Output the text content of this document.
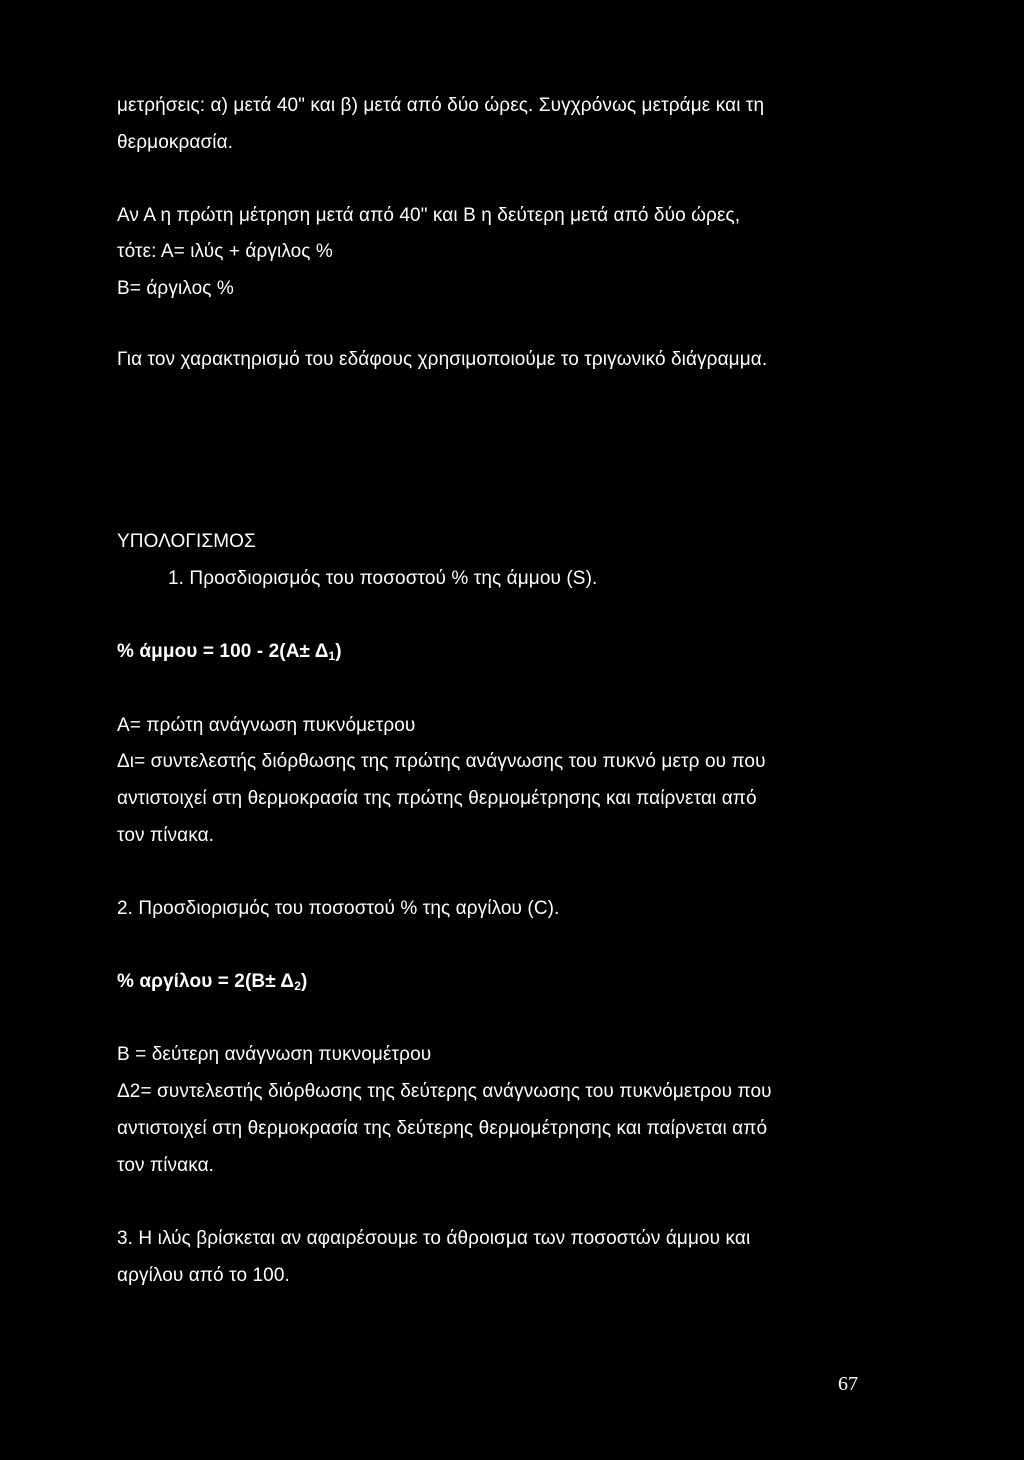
μετρήσεις: α) μετά 40" και β) μετά από δύο ώρες. Συγχρόνως μετράμε και τη
θερμοκρασία.
Αν Α η πρώτη μέτρηση μετά από 40" και Β η δεύτερη μετά από δύο ώρες,
τότε: Α= ιλύς + άργιλος %
Β= άργιλος %
Για τον χαρακτηρισμό του εδάφους χρησιμοποιούμε το τριγωνικό διάγραμμα.
ΥΠΟΛΟΓΙΣΜΟΣ
1. Προσδιορισμός του ποσοστού % της άμμου (S).
% $ά\mu\mu o\upsilon = 100 - 2(A\pm \Delta_1)$
Α= πρώτη ανάγνωση πυκνόμετρου
Δι= συντελεστής διόρθωσης της πρώτης ανάγνωσης του πυκνό μετρ ου που
αντιστοιχεί στη θερμοκρασία της πρώτης θερμομέτρησης και παίρνεται από
τον πίνακα.
2. Προσδιορισμός του ποσοστού % της αργίλου (C).
% $\alpha\rho\gamma ί\lambda o\upsilon = 2(B\pm \Delta_2)$
Β = δεύτερη ανάγνωση πυκνομέτρου
Δ2= συντελεστής διόρθωσης της δεύτερης ανάγνωσης του πυκνόμετρου που
αντιστοιχεί στη θερμοκρασία της δεύτερης θερμομέτρησης και παίρνεται από
τον πίνακα.
3. Η ιλύς βρίσκεται αν αφαιρέσουμε το άθροισμα των ποσοστών άμμου και
αργίλου από το 100.
67
